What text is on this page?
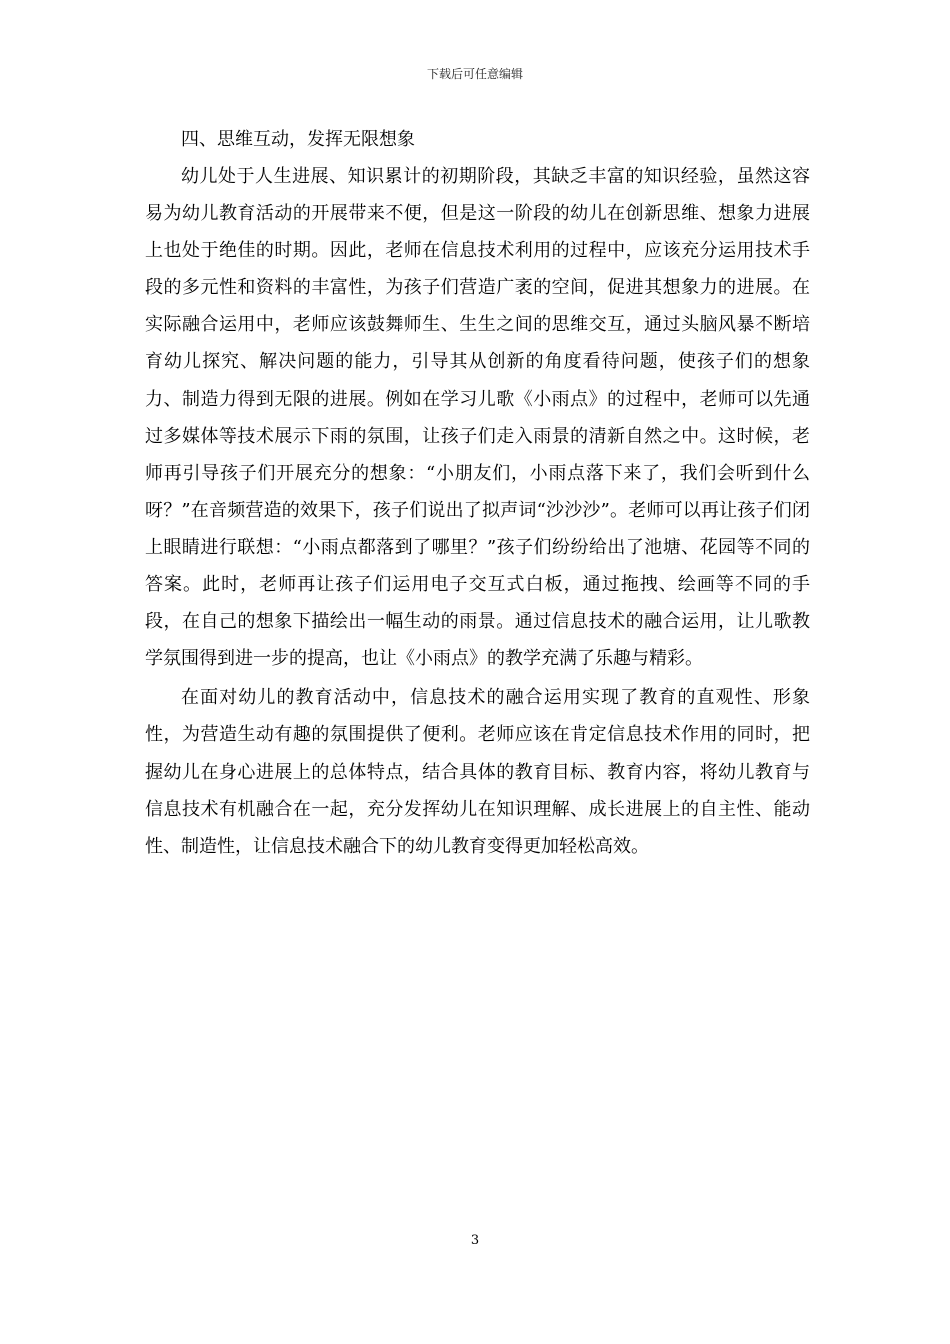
下载后可任意编辑
四、思维互动，发挥无限想象

幼儿处于人生进展、知识累计的初期阶段，其缺乏丰富的知识经验，虽然这容易为幼儿教育活动的开展带来不便，但是这一阶段的幼儿在创新思维、想象力进展上也处于绝佳的时期。因此，老师在信息技术利用的过程中，应该充分运用技术手段的多元性和资料的丰富性，为孩子们营造广袤的空间，促进其想象力的进展。在实际融合运用中，老师应该鼓舞师生、生生之间的思维交互，通过头脑风暴不断培育幼儿探究、解决问题的能力，引导其从创新的角度看待问题，使孩子们的想象力、制造力得到无限的进展。例如在学习儿歌《小雨点》的过程中，老师可以先通过多媒体等技术展示下雨的氛围，让孩子们走入雨景的清新自然之中。这时候，老师再引导孩子们开展充分的想象：“小朋友们，小雨点落下来了，我们会听到什么呀？”在音频营造的效果下，孩子们说出了拟声词“沙沙沙”。老师可以再让孩子们闭上眼睛进行联想：“小雨点都落到了哪里？”孩子们纷纷给出了池塘、花园等不同的答案。此时，老师再让孩子们运用电子交互式白板，通过拖拽、绘画等不同的手段，在自己的想象下描绘出一幅生动的雨景。通过信息技术的融合运用，让儿歌教学氛围得到进一步的提高，也让《小雨点》的教学充满了乐趣与精彩。

在面对幼儿的教育活动中，信息技术的融合运用实现了教育的直观性、形象性，为营造生动有趣的氛围提供了便利。老师应该在肯定信息技术作用的同时，把握幼儿在身心进展上的总体特点，结合具体的教育目标、教育内容，将幼儿教育与信息技术有机融合在一起，充分发挥幼儿在知识理解、成长进展上的自主性、能动性、制造性，让信息技术融合下的幼儿教育变得更加轻松高效。

3
